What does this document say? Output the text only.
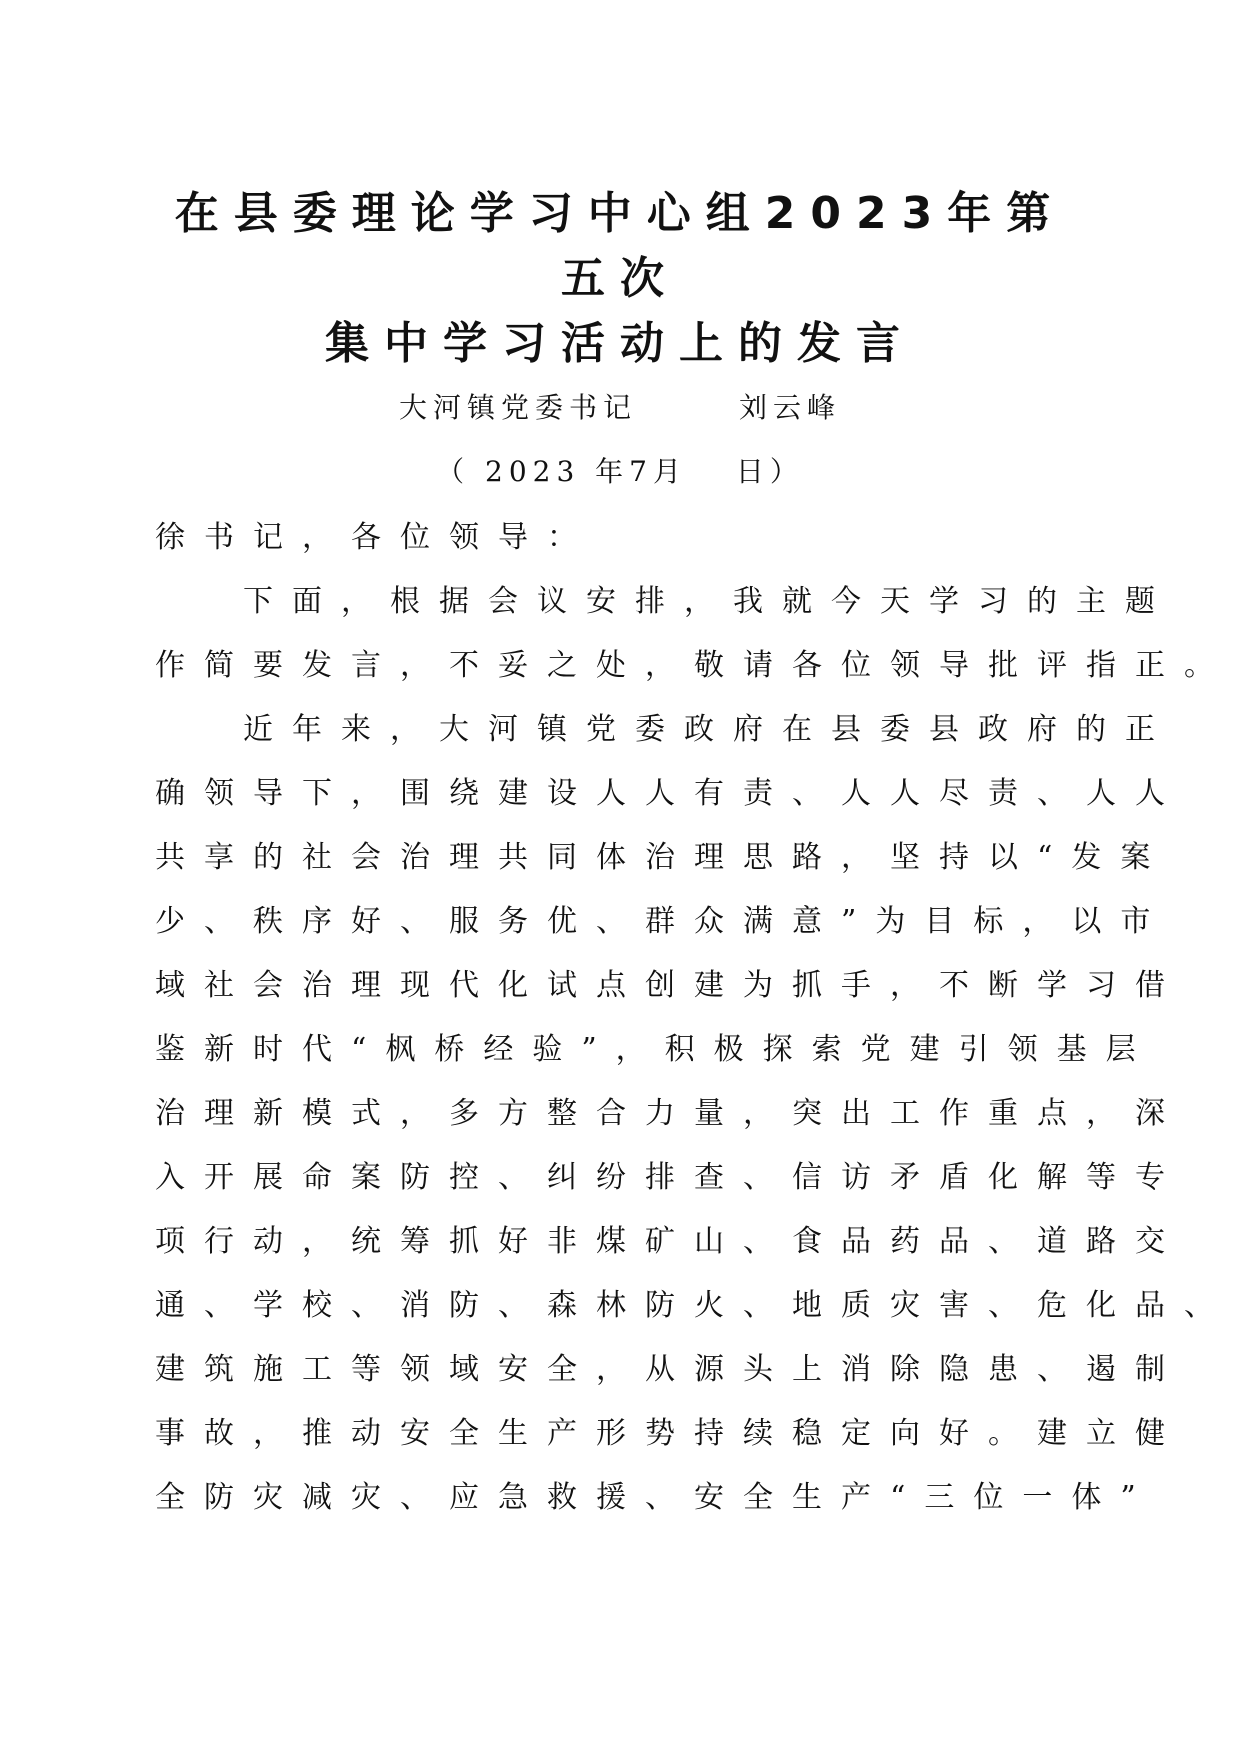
在县委理论学习中心组2023年第
五次
集中学习活动上的发言
大河镇党委书记　　　刘云峰
（ 2023 年7月　 日）
徐书记，各位领导：
下面，根据会议安排，我就今天学习的主题
作简要发言，不妥之处，敬请各位领导批评指正。
近年来，大河镇党委政府在县委县政府的正
确领导下，围绕建设人人有责、人人尽责、人人
共享的社会治理共同体治理思路，坚持以“发案
少、秩序好、服务优、群众满意”为目标，以市
域社会治理现代化试点创建为抓手，不断学习借
鉴新时代“枫桥经验”，积极探索党建引领基层
治理新模式，多方整合力量，突出工作重点，深
入开展命案防控、纠纷排查、信访矛盾化解等专
项行动，统筹抓好非煤矿山、食品药品、道路交
通、学校、消防、森林防火、地质灾害、危化品、
建筑施工等领域安全，从源头上消除隐患、遏制
事故，推动安全生产形势持续稳定向好。建立健
全防灾减灾、应急救援、安全生产“三位一体”
